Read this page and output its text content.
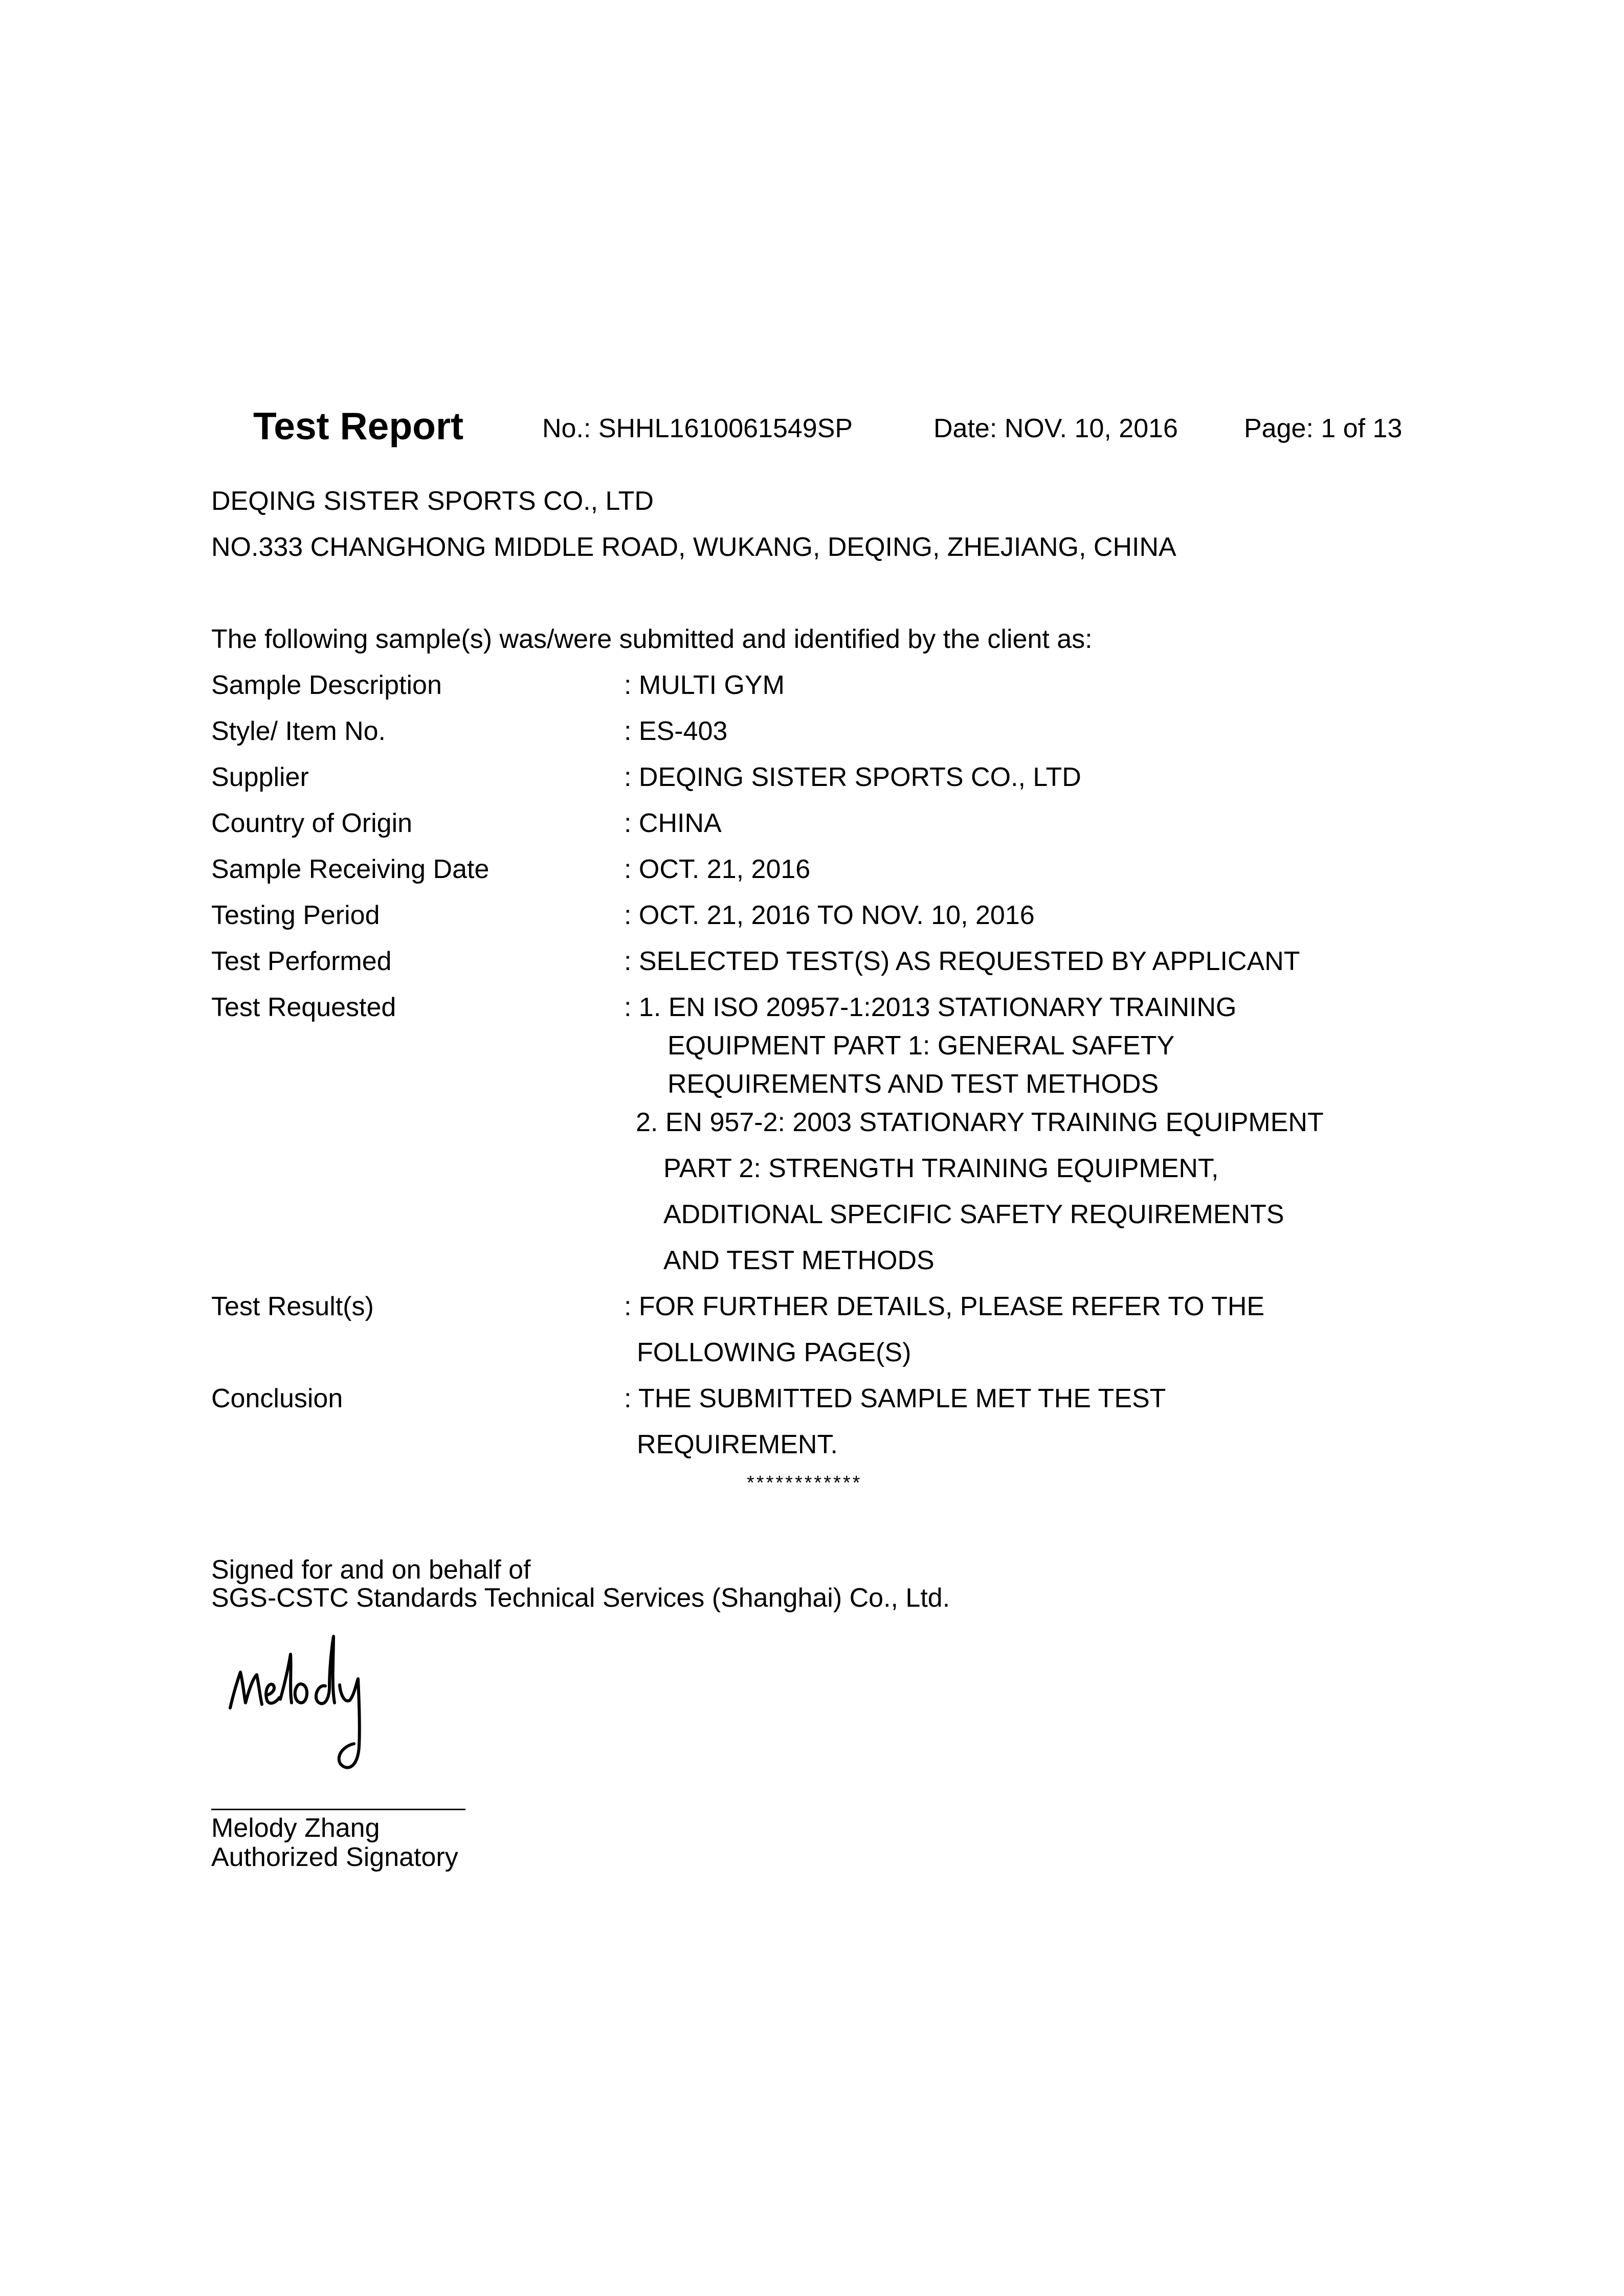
Test Report	No.: SHHL1610061549SP	Date: NOV. 10, 2016 Page: 1 of 13
DEQING SISTER SPORTS CO., LTD
NO.333 CHANGHONG MIDDLE ROAD, WUKANG, DEQING, ZHEJIANG, CHINA
The following sample(s) was/were submitted and identified by the client as:
Sample Description	: MULTI GYM
Style/ Item No.	: ES-403
Supplier	: DEQING SISTER SPORTS CO., LTD
Country of Origin	: CHINA
Sample Receiving Date	: OCT. 21, 2016
Testing Period	: OCT. 21, 2016 TO NOV. 10, 2016
Test Performed	: SELECTED TEST(S) AS REQUESTED BY APPLICANT
Test Requested	: 1. EN ISO 20957-1:2013 STATIONARY TRAINING
EQUIPMENT PART 1: GENERAL SAFETY
REQUIREMENTS AND TEST METHODS
2. EN 957-2: 2003 STATIONARY TRAINING EQUIPMENT
PART 2: STRENGTH TRAINING EQUIPMENT,
ADDITIONAL SPECIFIC SAFETY REQUIREMENTS
AND TEST METHODS
Test Result(s)	: FOR FURTHER DETAILS, PLEASE REFER TO THE
FOLLOWING PAGE(S)
Conclusion	: THE SUBMITTED SAMPLE MET THE TEST
REQUIREMENT.
************
Signed for and on behalf of
SGS-CSTC Standards Technical Services (Shanghai) Co., Ltd.
Melody Zhang
Authorized Signatory
